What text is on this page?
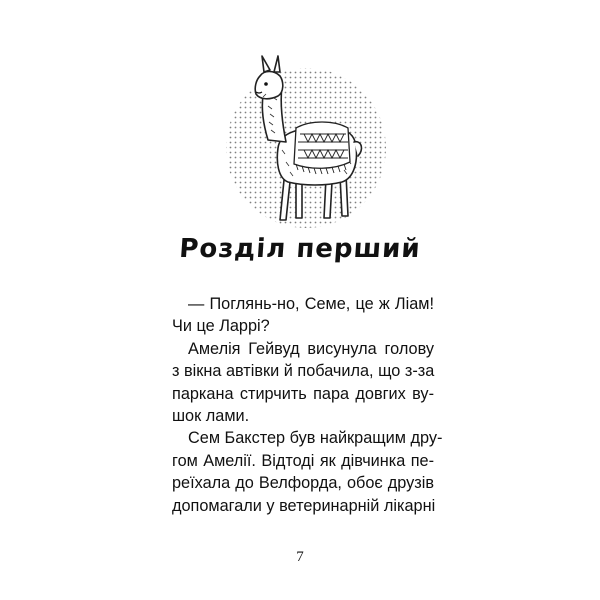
Розділ перший
— Поглянь-но, Семе, це ж Ліам!
Чи це Ларрі?
Амелія Гейвуд висунула голову
з вікна автівки й побачила, що з-за
паркана стирчить пара довгих ву-
шок лами.
Сем Бакстер був найкращим дру-
гом Амелії. Відтоді як дівчинка пе-
реїхала до Велфорда, обоє друзів
допомагали у ветеринарній лікарні
7
